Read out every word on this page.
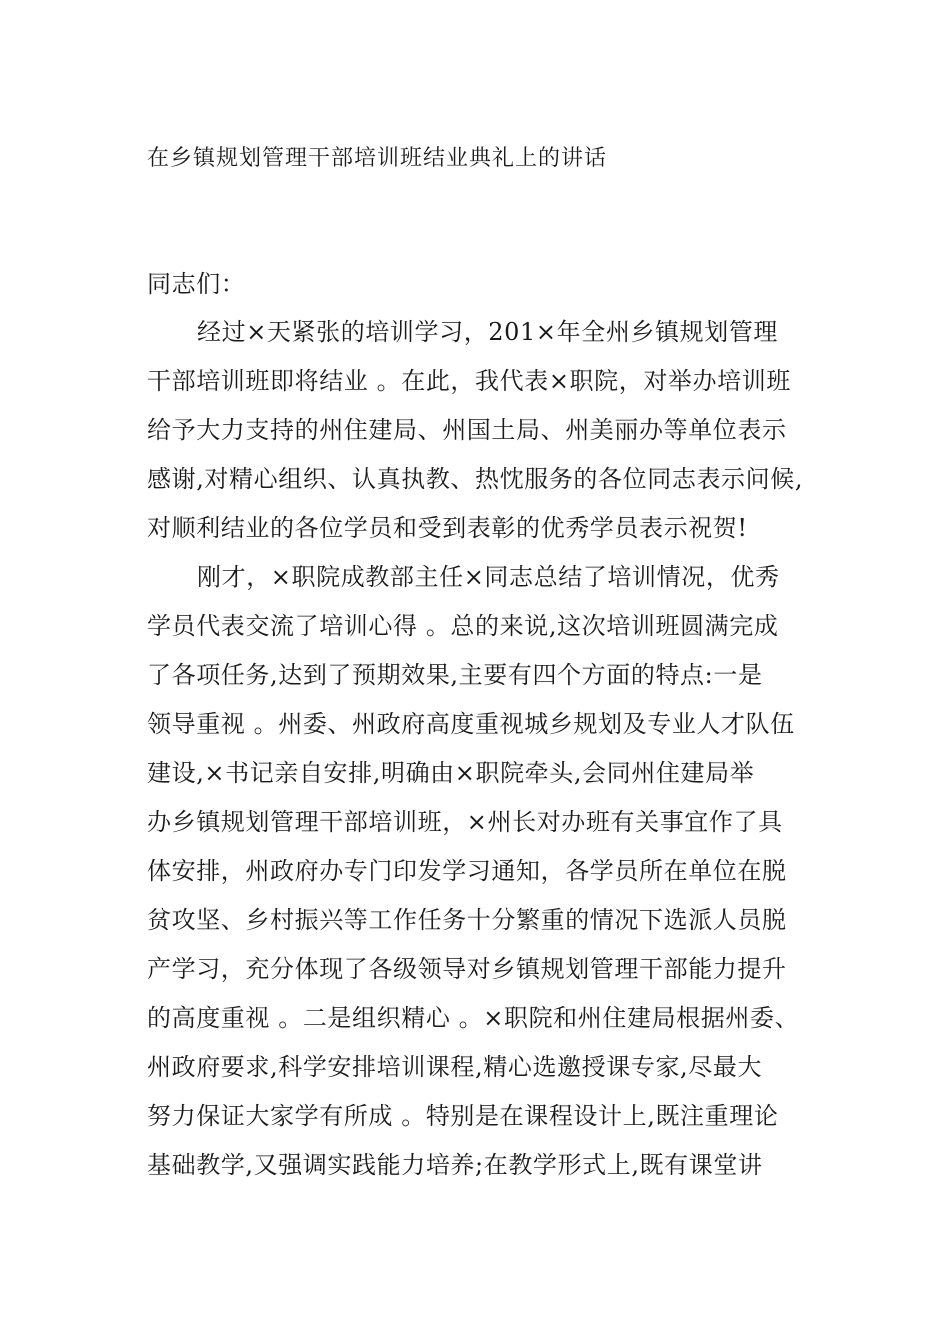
在乡镇规划管理干部培训班结业典礼上的讲话

同志们：

经过×天紧张的培训学习，201×年全州乡镇规划管理

干部培训班即将结业 。在此，我代表×职院，对举办培训班

给予大力支持的州住建局、州国土局、州美丽办等单位表示

感谢,对精心组织、认真执教、热忱服务的各位同志表示问候,

对顺利结业的各位学员和受到表彰的优秀学员表示祝贺!

刚才，×职院成教部主任×同志总结了培训情况，优秀

学员代表交流了培训心得 。总的来说,这次培训班圆满完成

了各项任务,达到了预期效果,主要有四个方面的特点:一是

领导重视 。州委、州政府高度重视城乡规划及专业人才队伍

建设,×书记亲自安排,明确由×职院牵头,会同州住建局举

办乡镇规划管理干部培训班，×州长对办班有关事宜作了具

体安排，州政府办专门印发学习通知，各学员所在单位在脱

贫攻坚、乡村振兴等工作任务十分繁重的情况下选派人员脱

产学习，充分体现了各级领导对乡镇规划管理干部能力提升

的高度重视 。二是组织精心 。×职院和州住建局根据州委、

州政府要求,科学安排培训课程,精心选邀授课专家,尽最大

努力保证大家学有所成 。特别是在课程设计上,既注重理论

基础教学,又强调实践能力培养;在教学形式上,既有课堂讲
